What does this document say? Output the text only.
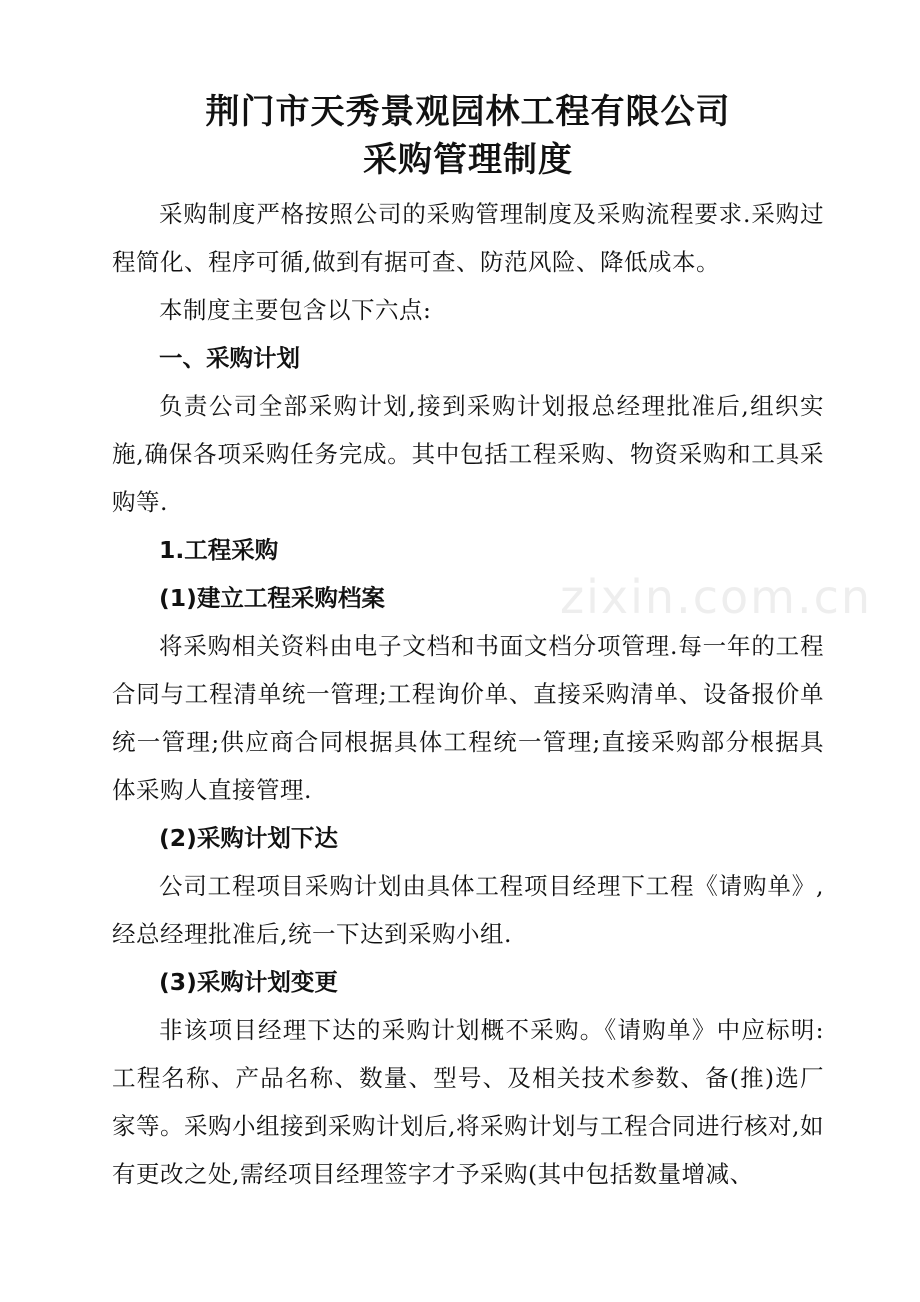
zixin.com.cn
荆门市天秀景观园林工程有限公司
采购管理制度

采购制度严格按照公司的采购管理制度及采购流程要求.采购过程简化、程序可循,做到有据可查、防范风险、降低成本。

本制度主要包含以下六点:

一、采购计划

负责公司全部采购计划,接到采购计划报总经理批准后,组织实施,确保各项采购任务完成。其中包括工程采购、物资采购和工具采购等.

1.工程采购

(1)建立工程采购档案

将采购相关资料由电子文档和书面文档分项管理.每一年的工程合同与工程清单统一管理;工程询价单、直接采购清单、设备报价单统一管理;供应商合同根据具体工程统一管理;直接采购部分根据具体采购人直接管理.

(2)采购计划下达

公司工程项目采购计划由具体工程项目经理下工程《请购单》,经总经理批准后,统一下达到采购小组.

(3)采购计划变更

非该项目经理下达的采购计划概不采购。《请购单》中应标明:工程名称、产品名称、数量、型号、及相关技术参数、备(推)选厂家等。采购小组接到采购计划后,将采购计划与工程合同进行核对,如有更改之处,需经项目经理签字才予采购(其中包括数量增减、
